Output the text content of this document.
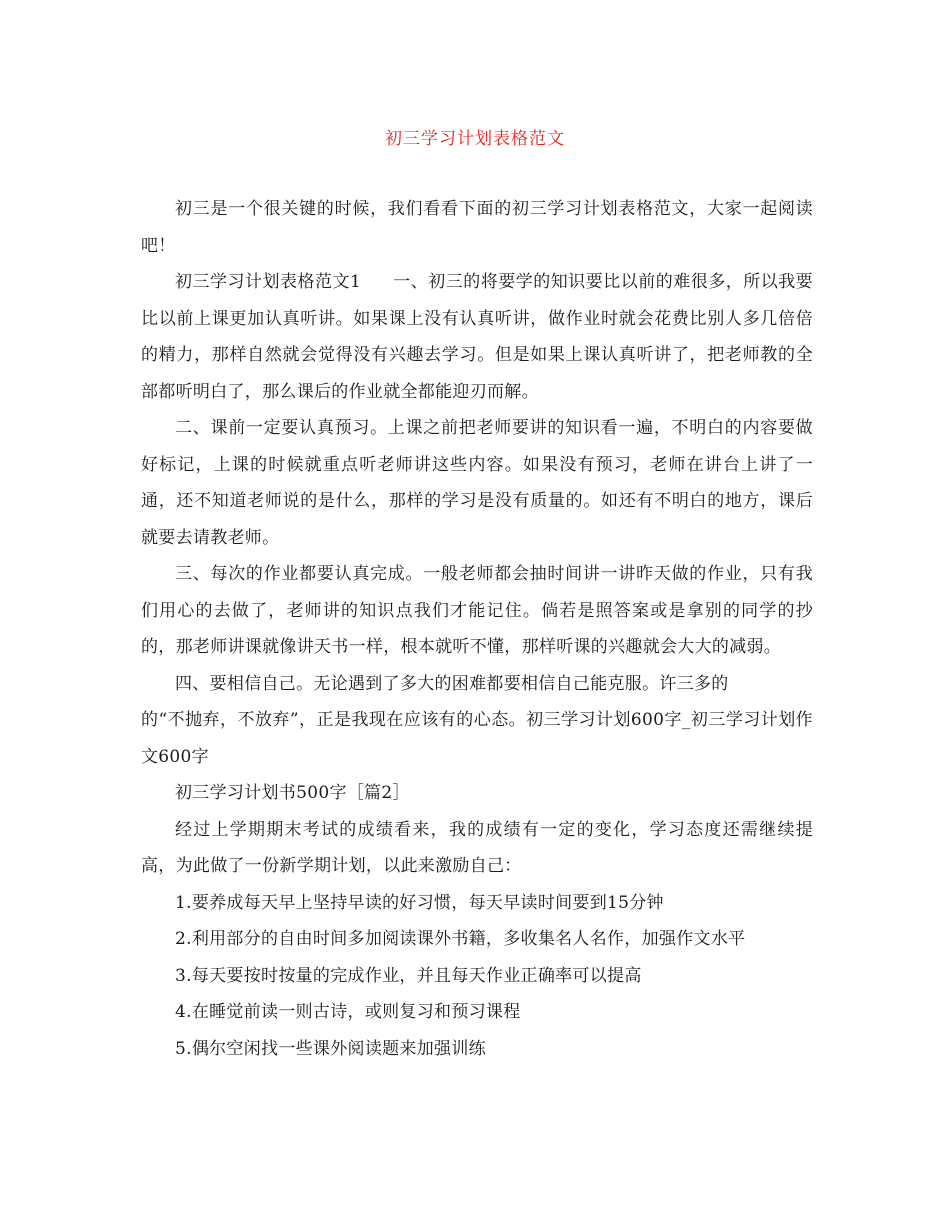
初三学习计划表格范文

初三是一个很关键的时候，我们看看下面的初三学习计划表格范文，大家一起阅读吧！

初三学习计划表格范文1 一、初三的将要学的知识要比以前的难很多，所以我要比以前上课更加认真听讲。如果课上没有认真听讲，做作业时就会花费比别人多几倍倍的精力，那样自然就会觉得没有兴趣去学习。但是如果上课认真听讲了，把老师教的全部都听明白了，那么课后的作业就全都能迎刃而解。

二、课前一定要认真预习。上课之前把老师要讲的知识看一遍，不明白的内容要做好标记，上课的时候就重点听老师讲这些内容。如果没有预习，老师在讲台上讲了一通，还不知道老师说的是什么，那样的学习是没有质量的。如还有不明白的地方，课后就要去请教老师。

三、每次的作业都要认真完成。一般老师都会抽时间讲一讲昨天做的作业，只有我们用心的去做了，老师讲的知识点我们才能记住。倘若是照答案或是拿别的同学的抄的，那老师讲课就像讲天书一样，根本就听不懂，那样听课的兴趣就会大大的减弱。

四、要相信自己。无论遇到了多大的困难都要相信自己能克服。许三多的

的“不抛弃，不放弃”，正是我现在应该有的心态。初三学习计划600字_初三学习计划作文600字

初三学习计划书500字［篇2］

经过上学期期末考试的成绩看来，我的成绩有一定的变化，学习态度还需继续提高，为此做了一份新学期计划，以此来激励自己：

1.要养成每天早上坚持早读的好习惯，每天早读时间要到15分钟

2.利用部分的自由时间多加阅读课外书籍，多收集名人名作，加强作文水平

3.每天要按时按量的完成作业，并且每天作业正确率可以提高

4.在睡觉前读一则古诗，或则复习和预习课程

5.偶尔空闲找一些课外阅读题来加强训练
